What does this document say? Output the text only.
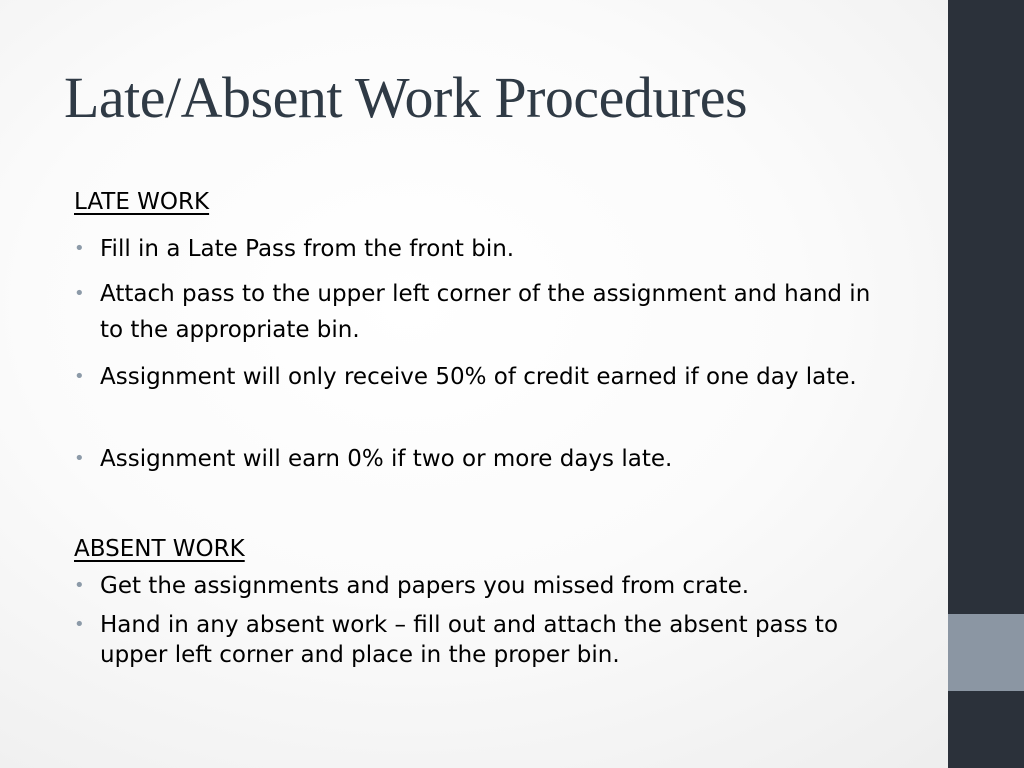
Late/Absent Work Procedures
LATE WORK
• Fill in a Late Pass from the front bin.
• Attach pass to the upper left corner of the assignment and hand in to the appropriate bin.
• Assignment will only receive 50% of credit earned if one day late.
• Assignment will earn 0% if two or more days late.
ABSENT WORK
• Get the assignments and papers you missed from crate.
• Hand in any absent work – fill out and attach the absent pass to upper left corner and place in the proper bin.
